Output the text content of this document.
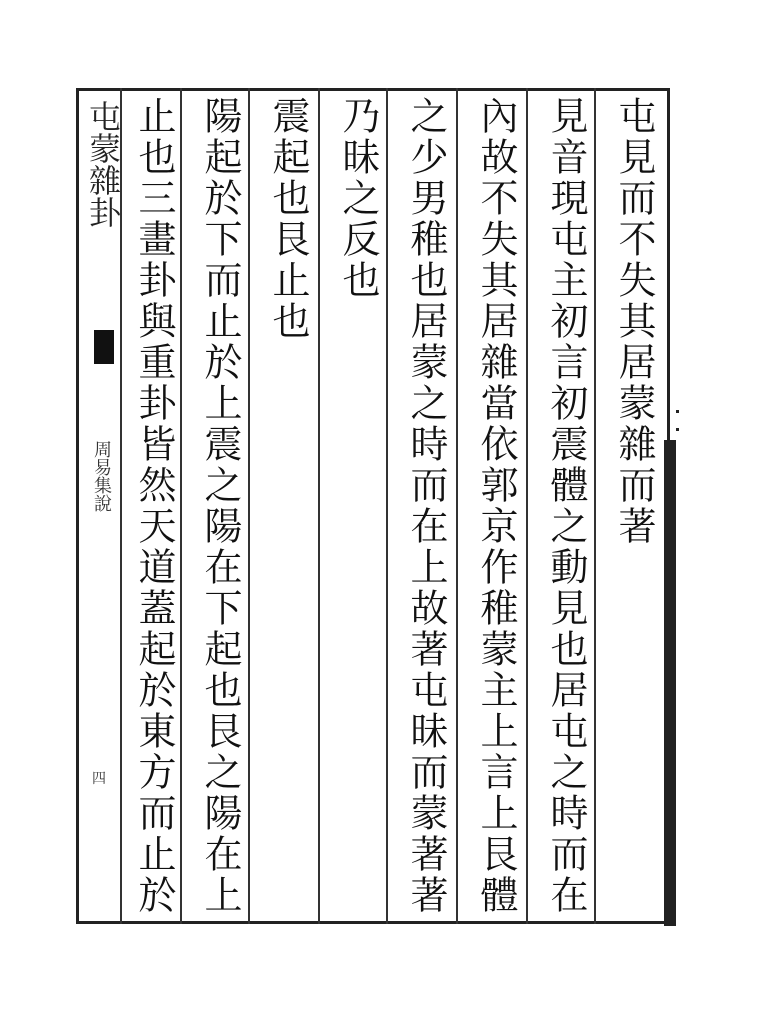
屯蒙雜卦
周易集說
四
屯見而不失其居蒙雜而著
見音現屯主初言初震體之動見也居屯之時而在
內故不失其居雜當依郭京作稚蒙主上言上艮體
之少男稚也居蒙之時而在上故著屯昧而蒙著著
乃昧之反也
震起也艮止也
陽起於下而止於上震之陽在下起也艮之陽在上
止也三畫卦與重卦皆然天道蓋起於東方而止於
